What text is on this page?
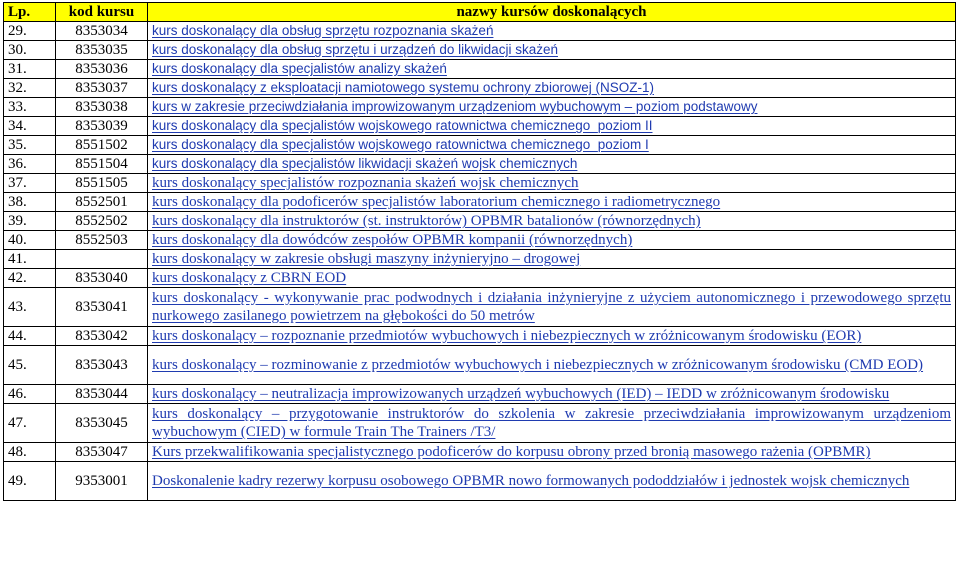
Lp.	kod kursu	nazwy kursów doskonalących
29.	8353034	kurs doskonalący dla obsług sprzętu rozpoznania skażeń
30.	8353035	kurs doskonalący dla obsług sprzętu i urządzeń do likwidacji skażeń
31.	8353036	kurs doskonalący dla specjalistów analizy skażeń
32.	8353037	kurs doskonalący z eksploatacji namiotowego systemu ochrony zbiorowej (NSOZ-1)
33.	8353038	kurs w zakresie przeciwdziałania improwizowanym urządzeniom wybuchowym – poziom podstawowy
34.	8353039	kurs doskonalący dla specjalistów wojskowego ratownictwa chemicznego_poziom II
35.	8551502	kurs doskonalący dla specjalistów wojskowego ratownictwa chemicznego_poziom I
36.	8551504	kurs doskonalący dla specjalistów likwidacji skażeń wojsk chemicznych
37.	8551505	kurs doskonalący specjalistów rozpoznania skażeń wojsk chemicznych
38.	8552501	kurs doskonalący dla podoficerów specjalistów laboratorium chemicznego i radiometrycznego
39.	8552502	kurs doskonalący dla instruktorów (st. instruktorów) OPBMR batalionów (równorzędnych)
40.	8552503	kurs doskonalący dla dowódców zespołów OPBMR kompanii (równorzędnych)
41.		kurs doskonalący w zakresie obsługi maszyny inżynieryjno – drogowej
42.	8353040	kurs doskonalący z CBRN EOD
43.	8353041	kurs doskonalący - wykonywanie prac podwodnych i działania inżynieryjne z użyciem autonomicznego i przewodowego sprzętu nurkowego zasilanego powietrzem na głębokości do 50 metrów
44.	8353042	kurs doskonalący – rozpoznanie przedmiotów wybuchowych i niebezpiecznych w zróżnicowanym środowisku (EOR)
45.	8353043	kurs doskonalący – rozminowanie z przedmiotów wybuchowych i niebezpiecznych w zróżnicowanym środowisku (CMD EOD)
46.	8353044	kurs doskonalący – neutralizacja improwizowanych urządzeń wybuchowych (IED) – IEDD w zróżnicowanym środowisku
47.	8353045	kurs doskonalący – przygotowanie instruktorów do szkolenia w zakresie przeciwdziałania improwizowanym urządzeniom wybuchowym (CIED) w formule Train The Trainers /T3/
48.	8353047	Kurs przekwalifikowania specjalistycznego podoficerów do korpusu obrony przed bronią masowego rażenia (OPBMR)
49.	9353001	Doskonalenie kadry rezerwy korpusu osobowego OPBMR nowo formowanych pododdziałów i jednostek wojsk chemicznych
